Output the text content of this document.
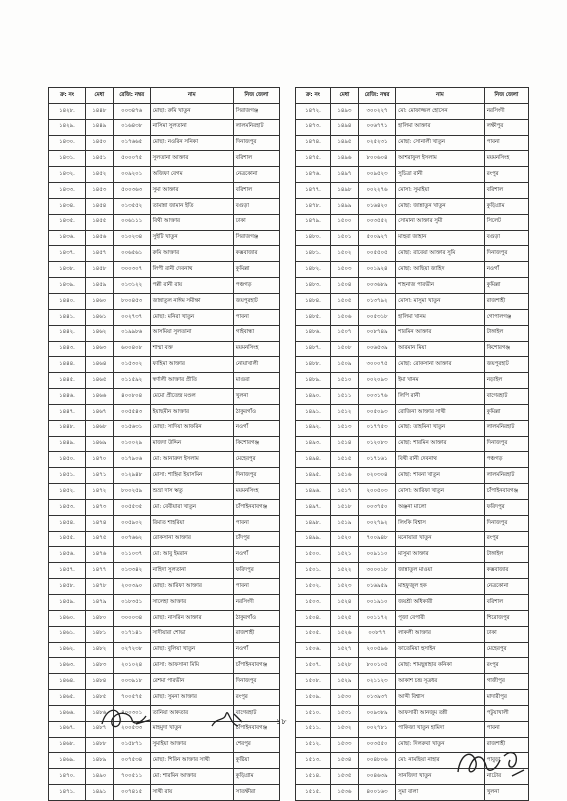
ক্র: নং	মেধা	রেজি: নম্বর	নাম	নিজ জেলা
১৪২৮.	১৪৪৮	০০৩৪৭৬	মোছা: রুমি খাতুন	সিরাজগঞ্জ
১৪২৯.	১৪৪৯	০১৬৪৩৮	নাসিমা সুলতানা	লালমনিরহাট
১৪৩০.	১৪৫০	০১৭৬৬৫	মোছা: নওরিন সনিকা	দিনাজপুর
১৪৩১.	১৪৫১	৫০০০৭৫	সুলতানা আক্তার	বরিশাল
১৪৩২.	১৪৫২	০০৯২০১	অজিফা বেগম	নেত্রকোনা
১৪৩৩.	১৪৫৩	৫০০৩৬৩	সুমা আক্তার	বরিশাল
১৪৩৪.	১৪৫৪	০১৩৫৫২	তামান্না জামান ইতি	বগুড়া
১৪৩৫.	১৪৫৫	০০৬১১১	বিথী আক্তার	ঢাকা
১৪৩৬.	১৪৫৬	০১০২৩৪	সুইটি খাতুন	সিরাজগঞ্জ
১৪৩৭.	১৪৫৭	০০৬৫৬১	রুমি আক্তার	কক্সবাজার
১৪৩৮.	১৪৫৮	৩০০৩০৭	লিপী রানী দেবনাথ	কুমিল্লা
১৪৩৯.	১৪৫৯	০১৩১২২	পল্লী রানী রায়	পঞ্চগড়
১৪৪০.	১৪৬০	৮০০৪৫৩	জান্নাতুল নাঈম সমীক্ষা	জয়পুরহাট
১৪৪১.	১৪৬১	০০২৭৩৭	মোছা: মনিরা খাতুন	পাবনা
১৪৪২.	১৪৬২	০১৯৯৮৬	আসমিয়া সুলতানা	গাইবান্ধা
১৪৪৩.	১৪৬৩	৬০০৪০৮	শাম্মা বক্ত	ময়মনসিংহ
১৪৪৪.	১৪৬৪	০১৫৩০২	ফাহিমা আক্তার	নোয়াখালী
১৪৪৫.	১৪৬৫	০১১৫৯২	স্বর্ণালী আক্তার প্রীতি	মাগুরা
১৪৪৬.	১৪৬৬	৪০০৮০৪	মেমো প্রীতেন্দ্র মণ্ডল	খুলনা
১৪৪৭.	১৪৬৭	০০৫৫৪৩	ইয়াছমীন আক্তার	ঠাকুরগাঁও
১৪৪৮.	১৪৬৮	০১৫৬৩১	মোছা: সাদিয়া আফরিন	নওগাঁ
১৪৪৯.	১৪৬৯	০১০০২৯	মাজদা উদ্দিন	কিশোরগঞ্জ
১৪৫০.	১৪৭০	০১৭৯০৬	মো: আনারুল ইসলাম	মেহেরপুর
১৪৫১.	১৪৭১	০১২৯৪৮	মোসা: শাহিমা ইয়াসমিন	দিনাজপুর
১৪৫২.	১৪৭২	৮০০২৫৯	শুভ্রা দাস ঋতু	ময়মনসিংহ
১৪৫৩.	১৪৭৩	০০৫৫৩৫	মো: বেবীয়ারা খাতুন	চাঁপাইনবাবগঞ্জ
১৪৫৪.	১৪৭৪	০০৫৯০২	রিমাত শাহরিয়া	পাবনা
১৪৫৫.	১৪৭৫	০০৭৬৬২	রোকসানা আক্তার	চাঁদপুর
১৪৫৬.	১৪৭৬	০১১০৩৭	মো: আবু ইমরান	নওগাঁ
১৪৫৭.	১৪৭৭	০১৩৩৪২	নাহিদা সুলতানা	ফরিদপুর
১৪৫৮.	১৪৭৮	২০০৩৯০	মোছা: আরিফা আক্তার	পাবনা
১৪৫৯.	১৪৭৯	০১৮৩৫১	সালেহা আক্তার	নরসিংদী
১৪৬০.	১৪৮০	৩০০০৩৪	মোছা: নাসরিন আক্তার	ঠাকুরগাঁও
১৪৬১.	১৪৮১	০১৭১৪১	সাদীয়ারা শোভা	রাজশাহী
১৪৬২.	১৪৮২	০২৭২৩৮	মোছা: বুলিয়া খাতুন	নওগাঁ
১৪৬৩.	১৪৮৩	২০১০২৪	মোসা: আফসানা মিমি	চাঁপাইনবাবগঞ্জ
১৪৬৪.	১৪৮৪	০০৩৯১৮	রেশমা পারভীন	দিনাজপুর
১৪৬৫.	১৪৮৫	৭০০৫৭৫	মোছা: সুমনা আক্তার	রংপুর
১৪৬৬.	১৪৮৬	৪০০৩০১	তানিয়া আকতার	বাগেরহাট
১৪৬৭.	১৪৮৭	২০০৫৩৩	মাহমুদা খাতুন	চাঁপাইনবাবগঞ্জ
১৪৬৮.	১৪৮৮	০১৫৮৭১	সুমাইয়া আক্তার	শেরপুর
১৪৬৯.	১৪৮৯	০০৭৫৩৪	মোছা: শিরিন আক্তার সাথী	কুষ্টিয়া
১৪৭০.	১৪৯০	৭০০৫১১	মো: শারমিন আক্তার	কুড়িগ্রাম
১৪৭১.	১৪৯১	০০৭৪১৫	সাথী রায়	সাতক্ষীরা
ক্র: নং	মেধা	রেজি: নম্বর	নাম	নিজ জেলা
১৪৭২.	১৪৯৩	৩০০২২৭	মো: মোফাজ্জল হোসেন	নরসিংদী
১৪৭৩.	১৪৯৪	০০৬৭৭১	হালিমা আক্তার	লক্ষীপুর
১৪৭৪.	১৪৯৫	০২৫২৩১	মোছা: সোনালী খাতুন	পাবনা
১৪৭৫.	১৪৯৬	৮০০৬০৪	আশরাফুল ইসলাম	ময়মনসিংহ
১৪৭৬.	১৪৯৭	০০৯৫২৩	সুচিত্রা রানী	রংপুর
১৪৭৭.	১৪৯৮	০০২২৭৬	মোসা: সুমাইয়া	বরিশাল
১৪৭৮.	১৪৯৯	০১৬৪২০	মোছা: জান্নাতুন খাতুন	কুড়িগ্রাম
১৪৭৯.	১৫০০	০০৩৫৫২	সোমানা আক্তার সুমী	সিলেট
১৪৮০.	১৫০১	৫০০৯২৭	মাহুরা জাহান	বগুড়া
১৪৮১.	১৫০২	০০৫৫০৫	মোছা: রাবেয়া আক্তার সুমি	দিনাজপুর
১৪৮২.	১৫০৩	০০১৯২৪	মোছা: আছিয়া জাহিদ	নওগাঁ
১৪৮৩.	১৫০৪	০০৩৬৮৯	শাহনাজ পারভীন	কুমিল্লা
১৪৮৪.	১৫০৫	০১৩৭৯২	মোসা: মাসুমা খাতুন	রাজশাহী
১৪৮৫.	১৫০৬	০০৫৩১৮	হালিমা খানম	গোপালগঞ্জ
১৪৮৬.	১৫০৭	০০৮৭৪৯	শারমিন আক্তার	টাঙ্গাইল
১৪৮৭.	১৫০৮	০০৬৫৩৯	আরমান মিয়া	কিশোরগঞ্জ
১৪৮৮.	১৫০৯	৩০০০৭৫	মোছা: রোকসানা আক্তার	জয়পুরহাট
১৪৮৯.	১৫১০	০০২০৯৩	ইমা খানম	নড়াইল
১৪৯০.	১৫১১	০০৩১৭৬	লিপি রানী	বাগেরহাট
১৪৯১.	১৫১২	০০৫০৯৩	রোজিনা আক্তার সাথী	কুমিল্লা
১৪৯২.	১৫১৩	০১৭৭৫৩	মোছা: তাহমিনা খাতুন	লালমনিরহাট
১৪৯৩.	১৫১৪	০১২০৮৩	মোছা: শারমিন আক্তার	দিনাজপুর
১৪৯৪.	১৫১৫	০১৭১৬১	বিথী রানী দেবনাথ	পঞ্চগড়
১৪৯৫.	১৫১৬	০২০৩০৪	মোছা: শাবনা খাতুন	লালমনিরহাট
১৪৯৬.	১৫১৭	২০০৫০৩	মোসা: আরিফা খাতুন	চাঁপাইনবাবগঞ্জ
১৪৯৭.	১৫১৮	০০৩৭৫০	অঞ্জনা মালো	ফরিদপুর
১৪৯৮.	১৫১৯	০০২৭৯২	লিংকি বিশ্বাস	দিনাজপুর
১৪৯৯.	১৫২০	৭০০৯৪৮	মনোয়ারা খাতুন	রংপুর
১৫০০.	১৫২১	০০৯১১০	মাসুমা আক্তার	টাঙ্গাইল
১৫০১.	১৫২২	৩০০০১৮	জান্নাতুল মাওয়া	কক্সবাজার
১৫০২.	১৫২৩	০১৬৯৫৯	মাহফুজুল হক	নেত্রকোনা
১৫০৩.	১৫২৪	০০১৯১০	জয়শ্রী অধিকারী	বরিশাল
১৫০৪.	১৫২৫	০০১১৭২	পূজা বেপারী	শিরোজপুর
১৫০৫.	১৫২৬	০০৮৭৭	লাকলী আক্তার	ঢাকা
১৫০৬.	১৫২৭	২০০৫৯৬	ফাতেমিয়া হুসাইন	মেহেরপুর
১৫০৭.	১৫২৮	৮০০১০৫	মোছা: শামছুন্নাহার কনিকা	রংপুর
১৫০৮.	১৫২৯	০২১১২৩	আকাশ চন্দ্র সূত্রধর	গাজীপুর
১৫০৯.	১৫৩০	০১৩৯৩৭	আব্দী বিশ্বাস	মাদারীপুর
১৫১০.	১৫৩১	০০৯৩৮৯	আফসারী আনজুম তন্নী	পটুয়াখালী
১৫১১.	১৫৩২	০০২৭৮১	পাকিজা খাতুন হামিদা	পাবনা
১৫১২.	১৫৩৩	০০৩৫৫০	মোছা: দিলরুবা খাতুন	রাজশাহী
১৫১৩.	১৫৩৪	০০৪৮০৬	মো: নামছিয়া নাহার	পাবুড়া
১৫১৪.	১৫৩৫	০০৪৬৩৯	সানজিদা খাতুন	নাটোর
১৫১৫.	১৫৩৬	৪০০১৬৩	সুমা বালা	খুলনা
১৮
